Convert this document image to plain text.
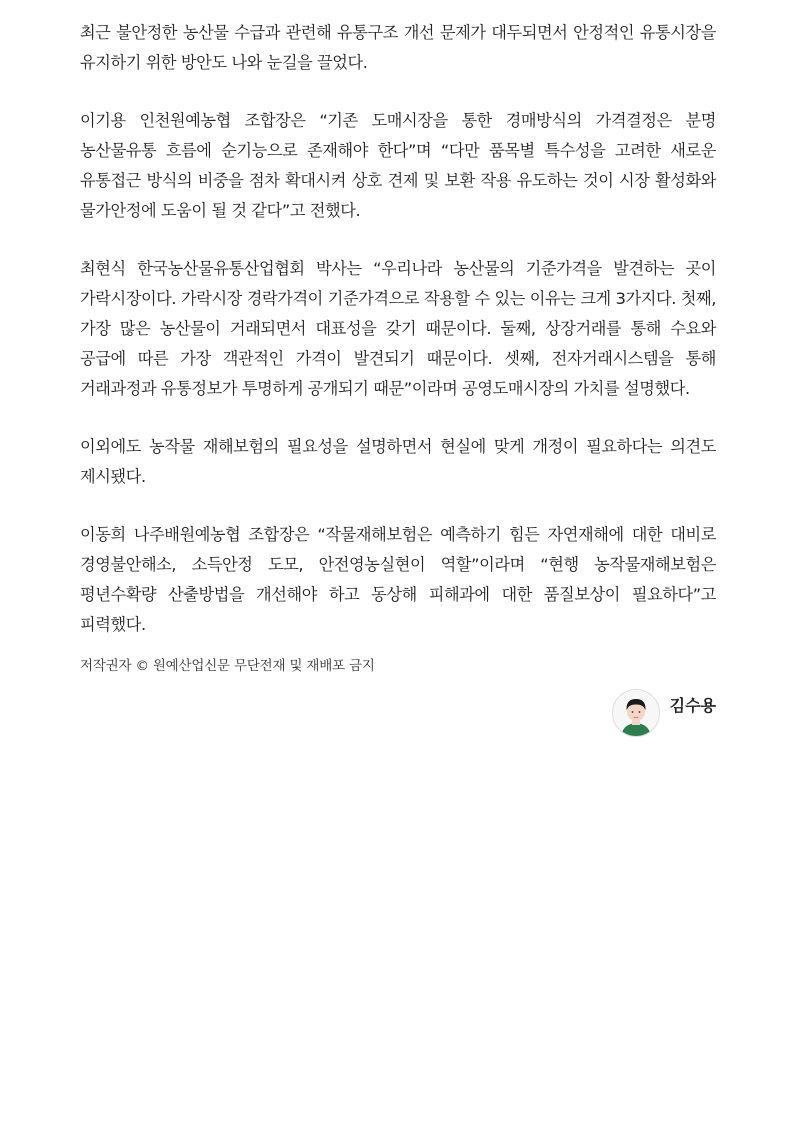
최근 불안정한 농산물 수급과 관련해 유통구조 개선 문제가 대두되면서 안정적인 유통시장을 유지하기 위한 방안도 나와 눈길을 끌었다.

이기용 인천원예농협 조합장은 “기존 도매시장을 통한 경매방식의 가격결정은 분명 농산물유통 흐름에 순기능으로 존재해야 한다”며 “다만 품목별 특수성을 고려한 새로운 유통접근 방식의 비중을 점차 확대시켜 상호 견제 및 보환 작용 유도하는 것이 시장 활성화와 물가안정에 도움이 될 것 같다”고 전했다.

최현식 한국농산물유통산업협회 박사는 “우리나라 농산물의 기준가격을 발견하는 곳이 가락시장이다. 가락시장 경락가격이 기준가격으로 작용할 수 있는 이유는 크게 3가지다. 첫째, 가장 많은 농산물이 거래되면서 대표성을 갖기 때문이다. 둘째, 상장거래를 통해 수요와 공급에 따른 가장 객관적인 가격이 발견되기 때문이다. 셋째, 전자거래시스템을 통해 거래과정과 유통정보가 투명하게 공개되기 때문”이라며 공영도매시장의 가치를 설명했다.

이외에도 농작물 재해보험의 필요성을 설명하면서 현실에 맞게 개정이 필요하다는 의견도 제시됐다.

이동희 나주배원예농협 조합장은 “작물재해보험은 예측하기 힘든 자연재해에 대한 대비로 경영불안해소, 소득안정 도모, 안전영농실현이 역할”이라며 “현행 농작물재해보험은 평년수확량 산출방법을 개선해야 하고 동상해 피해과에 대한 품질보상이 필요하다”고 피력했다.

저작권자 © 원예산업신문 무단전재 및 재배포 금지

김수용
